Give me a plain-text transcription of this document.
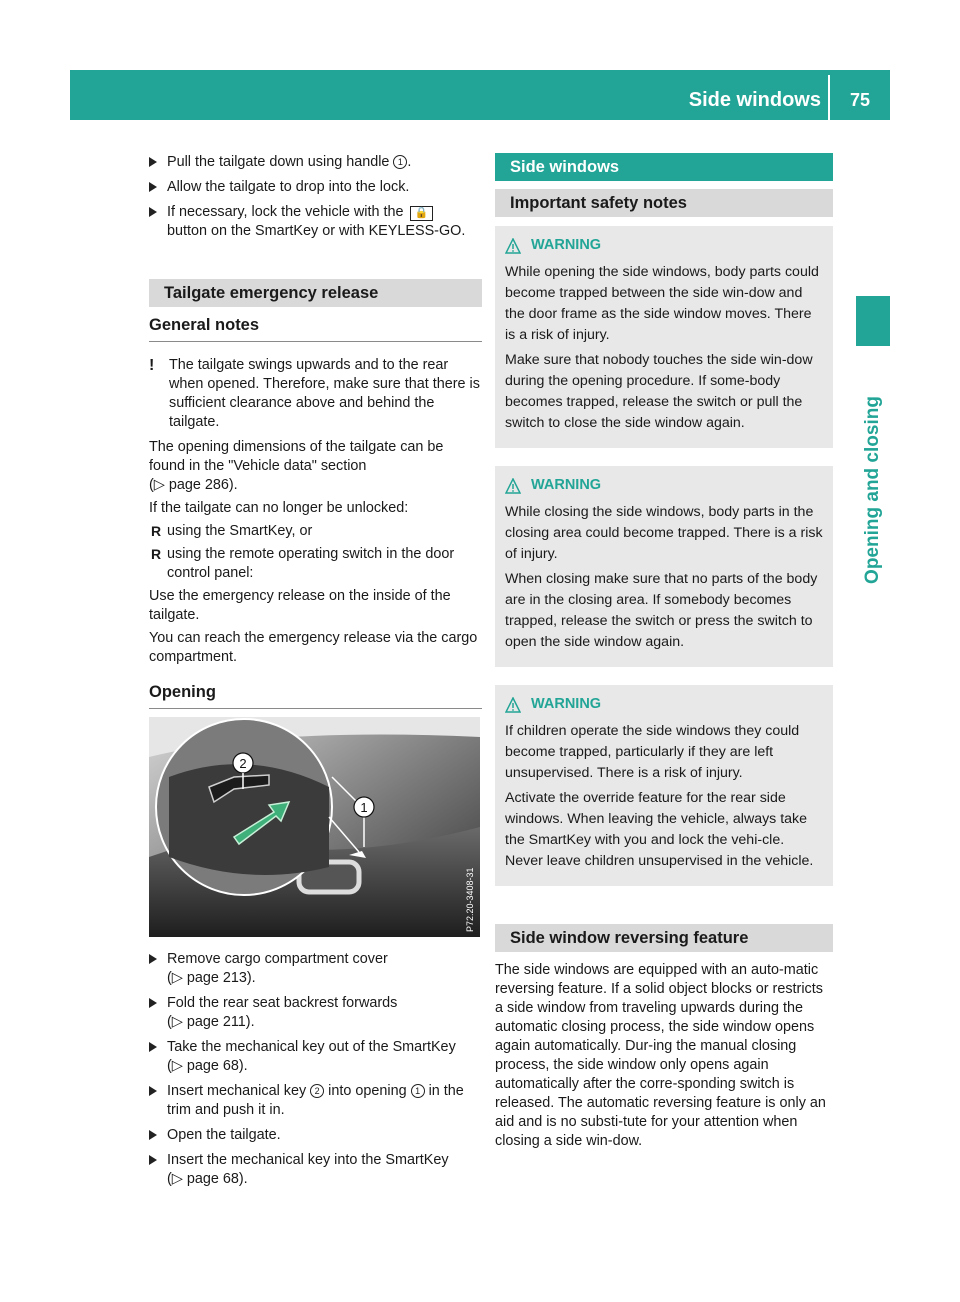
Side windows 75
Opening and closing
Pull the tailgate down using handle 1 .
Allow the tailgate to drop into the lock.
If necessary, lock the vehicle with the 🔒
button on the SmartKey or with KEYLESS-GO.
Tailgate emergency release
General notes
! The tailgate swings upwards and to the rear when opened. Therefore, make sure that there is sufficient clearance above and behind the tailgate.

The opening dimensions of the tailgate can be found in the "Vehicle data" section
(▷ page 286).

If the tailgate can no longer be unlocked:

R using the SmartKey, or
R using the remote operating switch in the door control panel:

Use the emergency release on the inside of the tailgate.

You can reach the emergency release via the cargo compartment.

Opening
2
1
P72.20-3408-31
Remove cargo compartment cover
(▷ page 213).
Fold the rear seat backrest forwards
(▷ page 211).
Take the mechanical key out of the SmartKey
(▷ page 68).
Insert mechanical key 2 into opening 1 in the trim and push it in.
Open the tailgate.
Insert the mechanical key into the SmartKey
(▷ page 68).
Side windows
Important safety notes
WARNING

While opening the side windows, body parts could become trapped between the side win-dow and the door frame as the side window moves. There is a risk of injury.

Make sure that nobody touches the side win-dow during the opening procedure. If some-body becomes trapped, release the switch or pull the switch to close the side window again.

WARNING

While closing the side windows, body parts in the closing area could become trapped. There is a risk of injury.

When closing make sure that no parts of the body are in the closing area. If somebody becomes trapped, release the switch or press the switch to open the side window again.

WARNING

If children operate the side windows they could become trapped, particularly if they are left unsupervised. There is a risk of injury.

Activate the override feature for the rear side windows. When leaving the vehicle, always take the SmartKey with you and lock the vehi-cle. Never leave children unsupervised in the vehicle.

Side window reversing feature

The side windows are equipped with an auto-matic reversing feature. If a solid object blocks or restricts a side window from traveling upwards during the automatic closing process, the side window opens again automatically. Dur-ing the manual closing process, the side window only opens again automatically after the corre-sponding switch is released. The automatic reversing feature is only an aid and is no substi-tute for your attention when closing a side win-dow.
